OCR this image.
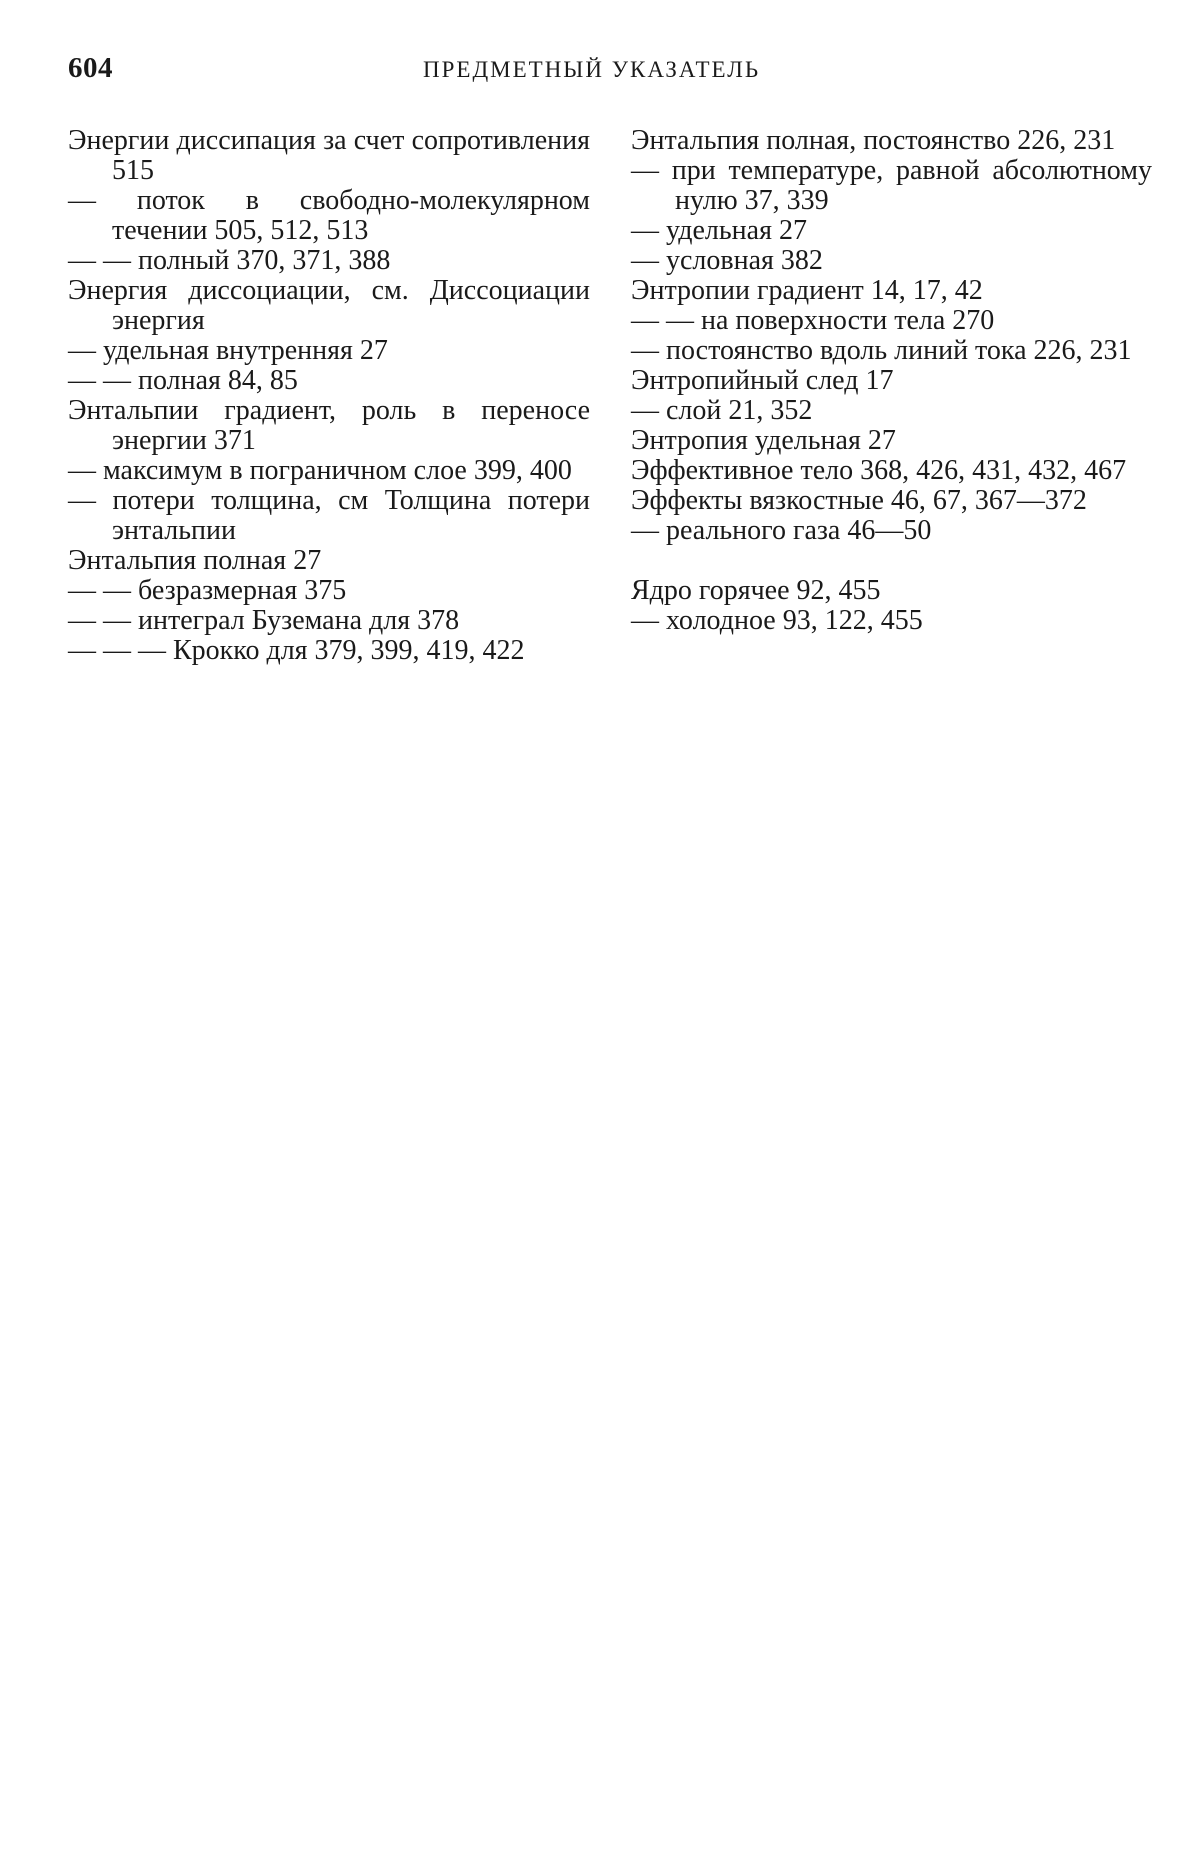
604	ПРЕДМЕТНЫЙ УКАЗАТЕЛЬ

Энергии диссипация за счет сопротивления 515

— поток в свободно-молекулярном течении 505, 512, 513

— — полный 370, 371, 388

Энергия диссоциации, см. Диссоциации энергия

— удельная внутренняя 27

— — полная 84, 85

Энтальпии градиент, роль в переносе энергии 371

— максимум в пограничном слое 399, 400

— потери толщина, см Толщина потери энтальпии

Энтальпия полная 27

— — безразмерная 375

— — интеграл Буземана для 378

— — — Крокко для 379, 399, 419, 422

Энтальпия полная, постоянство 226, 231

— при температуре, равной абсолютному нулю 37, 339

— удельная 27

— условная 382

Энтропии градиент 14, 17, 42

— — на поверхности тела 270

— постоянство вдоль линий тока 226, 231

Энтропийный след 17

— слой 21, 352

Энтропия удельная 27

Эффективное тело 368, 426, 431, 432, 467

Эффекты вязкостные 46, 67, 367—372

— реального газа 46—50

Ядро горячее 92, 455

— холодное 93, 122, 455
